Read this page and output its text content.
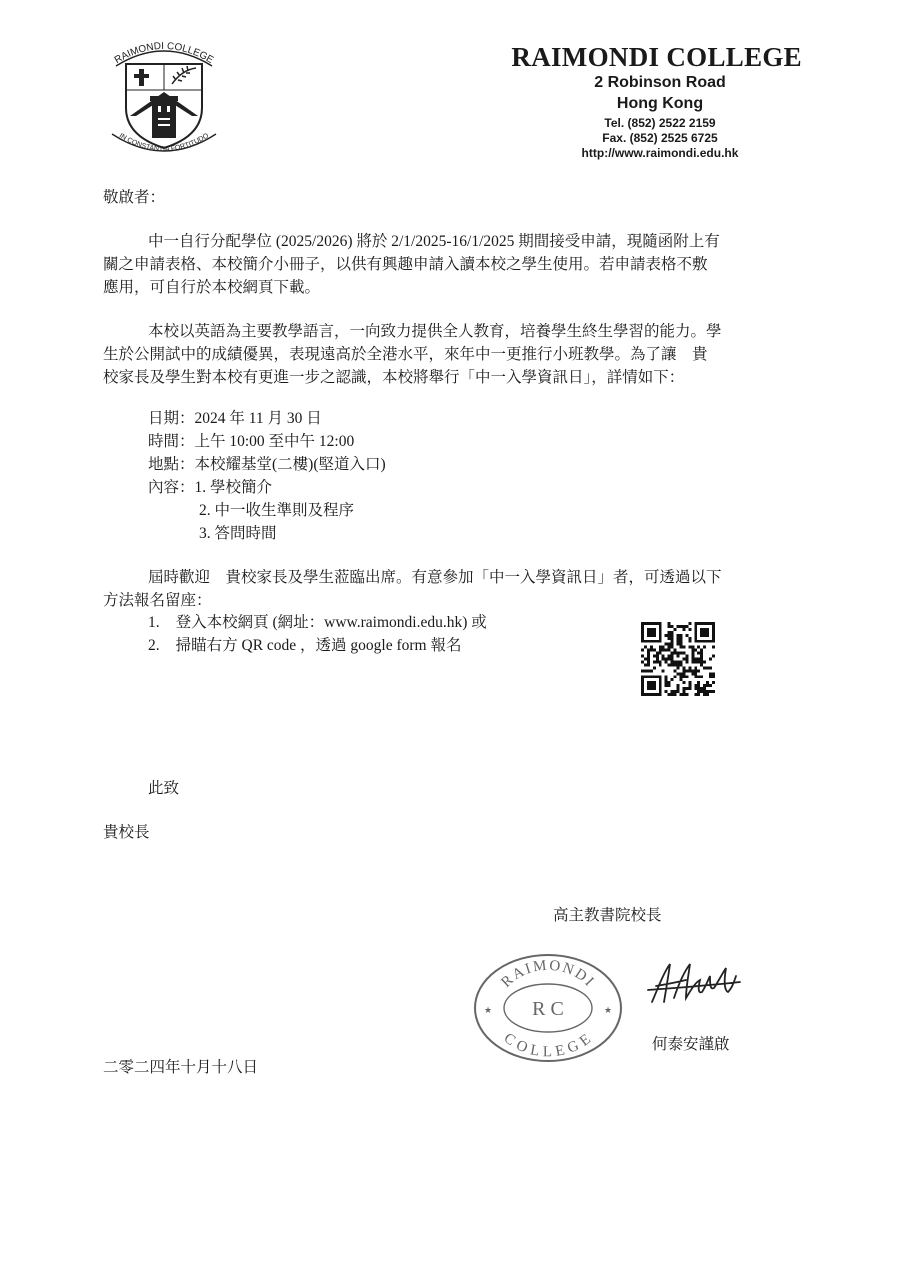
RAIMONDI COLLEGE
IN CONSTANTIA FORTITUDO
RAIMONDI COLLEGE
2 Robinson Road
Hong Kong
Tel. (852) 2522 2159
Fax. (852) 2525 6725
http://www.raimondi.edu.hk
敬啟者：
中一自行分配學位 (2025/2026) 將於 2/1/2025-16/1/2025 期間接受申請，現隨函附上有
關之申請表格、本校簡介小冊子，以供有興趣申請入讀本校之學生使用。若申請表格不敷
應用，可自行於本校網頁下載。
本校以英語為主要教學語言，一向致力提供全人教育，培養學生終生學習的能力。學
生於公開試中的成績優異，表現遠高於全港水平，來年中一更推行小班教學。為了讓　貴
校家長及學生對本校有更進一步之認識，本校將舉行「中一入學資訊日」，詳情如下：
日期：2024 年 11 月 30 日
時間：上午 10:00 至中午 12:00
地點：本校耀基堂(二樓)(堅道入口)
內容：1. 學校簡介
2. 中一收生準則及程序
3. 答問時間
屆時歡迎　貴校家長及學生蒞臨出席。有意參加「中一入學資訊日」者，可透過以下
方法報名留座：
1. 登入本校網頁 (網址：www.raimondi.edu.hk) 或
2. 掃瞄右方 QR code ，透過 google form 報名
此致
貴校長
高主教書院校長
RAIMONDI
R C
COLLEGE
★	★
何泰安謹啟
二零二四年十月十八日
